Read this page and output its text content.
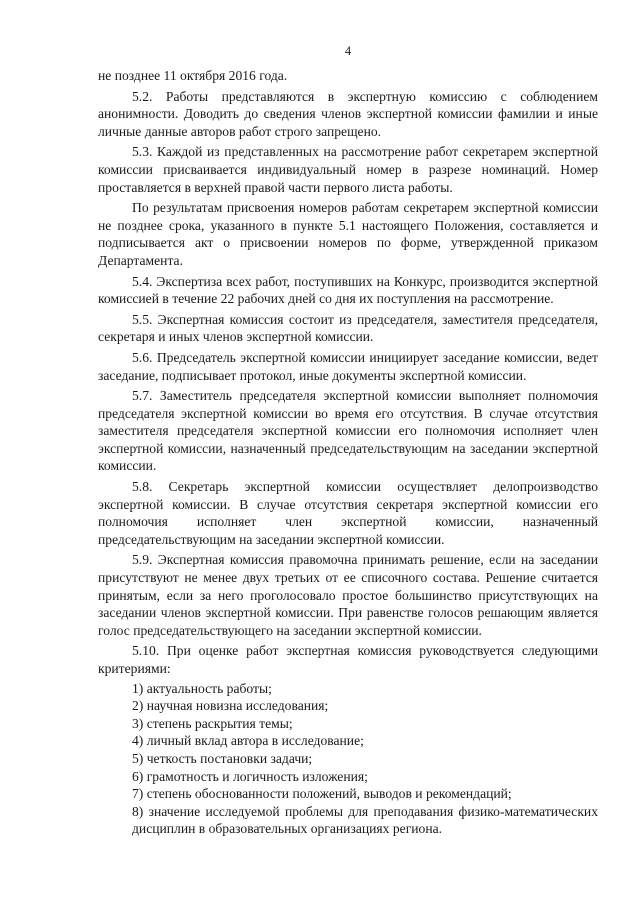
4

не позднее 11 октября 2016 года.

5.2. Работы представляются в экспертную комиссию с соблюдением анонимности. Доводить до сведения членов экспертной комиссии фамилии и иные личные данные авторов работ строго запрещено.

5.3. Каждой из представленных на рассмотрение работ секретарем экспертной комиссии присваивается индивидуальный номер в разрезе номинаций. Номер проставляется в верхней правой части первого листа работы.

По результатам присвоения номеров работам секретарем экспертной комиссии не позднее срока, указанного в пункте 5.1 настоящего Положения, составляется и подписывается акт о присвоении номеров по форме, утвержденной приказом Департамента.

5.4. Экспертиза всех работ, поступивших на Конкурс, производится экспертной комиссией в течение 22 рабочих дней со дня их поступления на рассмотрение.

5.5. Экспертная комиссия состоит из председателя, заместителя председателя, секретаря и иных членов экспертной комиссии.

5.6. Председатель экспертной комиссии инициирует заседание комиссии, ведет заседание, подписывает протокол, иные документы экспертной комиссии.

5.7. Заместитель председателя экспертной комиссии выполняет полномочия председателя экспертной комиссии во время его отсутствия. В случае отсутствия заместителя председателя экспертной комиссии его полномочия исполняет член экспертной комиссии, назначенный председательствующим на заседании экспертной комиссии.

5.8. Секретарь экспертной комиссии осуществляет делопроизводство экспертной комиссии. В случае отсутствия секретаря экспертной комиссии его полномочия исполняет член экспертной комиссии, назначенный председательствующим на заседании экспертной комиссии.

5.9. Экспертная комиссия правомочна принимать решение, если на заседании присутствуют не менее двух третьих от ее списочного состава. Решение считается принятым, если за него проголосовало простое большинство присутствующих на заседании членов экспертной комиссии. При равенстве голосов решающим является голос председательствующего на заседании экспертной комиссии.

5.10. При оценке работ экспертная комиссия руководствуется следующими критериями:

1) актуальность работы;
2) научная новизна исследования;
3) степень раскрытия темы;
4) личный вклад автора в исследование;
5) четкость постановки задачи;
6) грамотность и логичность изложения;
7) степень обоснованности положений, выводов и рекомендаций;
8) значение исследуемой проблемы для преподавания физико-математических дисциплин в образовательных организациях региона.
